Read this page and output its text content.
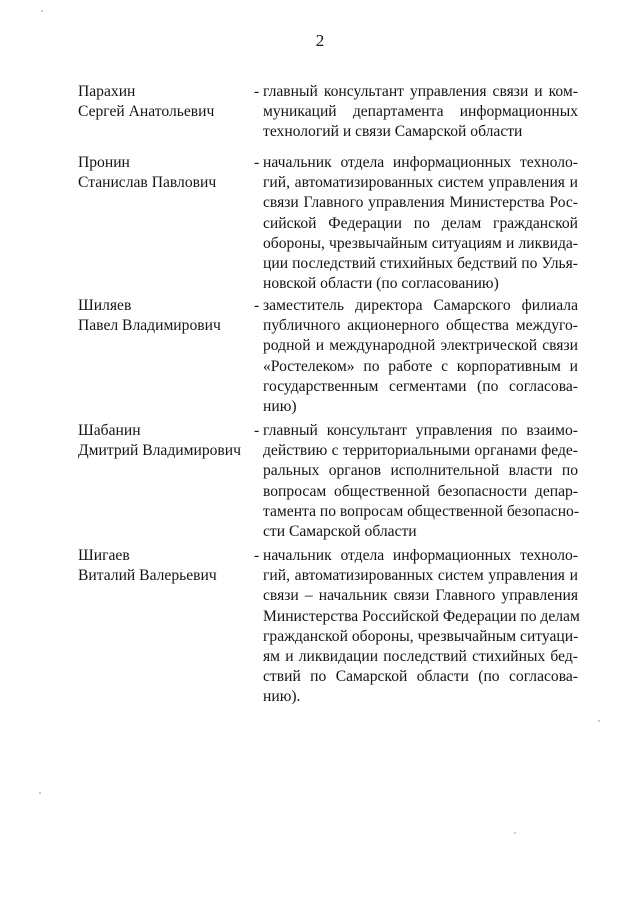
2
Парахин
Сергей Анатольевич
- главный консультант управления связи и ком-
муникаций департамента информационных
технологий и связи Самарской области
Пронин
Станислав Павлович
- начальник отдела информационных техноло-
гий, автоматизированных систем управления и
связи Главного управления Министерства Рос-
сийской Федерации по делам гражданской
обороны, чрезвычайным ситуациям и ликвида-
ции последствий стихийных бедствий по Улья-
новской области (по согласованию)
Шиляев
Павел Владимирович
- заместитель директора Самарского филиала
публичного акционерного общества междуго-
родной и международной электрической связи
«Ростелеком» по работе с корпоративным и
государственным сегментами (по согласова-
нию)
Шабанин
Дмитрий Владимирович
- главный консультант управления по взаимо-
действию с территориальными органами феде-
ральных органов исполнительной власти по
вопросам общественной безопасности депар-
тамента по вопросам общественной безопасно-
сти Самарской области
Шигаев
Виталий Валерьевич
- начальник отдела информационных техноло-
гий, автоматизированных систем управления и
связи – начальник связи Главного управления
Министерства Российской Федерации по делам
гражданской обороны, чрезвычайным ситуаци-
ям и ликвидации последствий стихийных бед-
ствий по Самарской области (по согласова-
нию).
